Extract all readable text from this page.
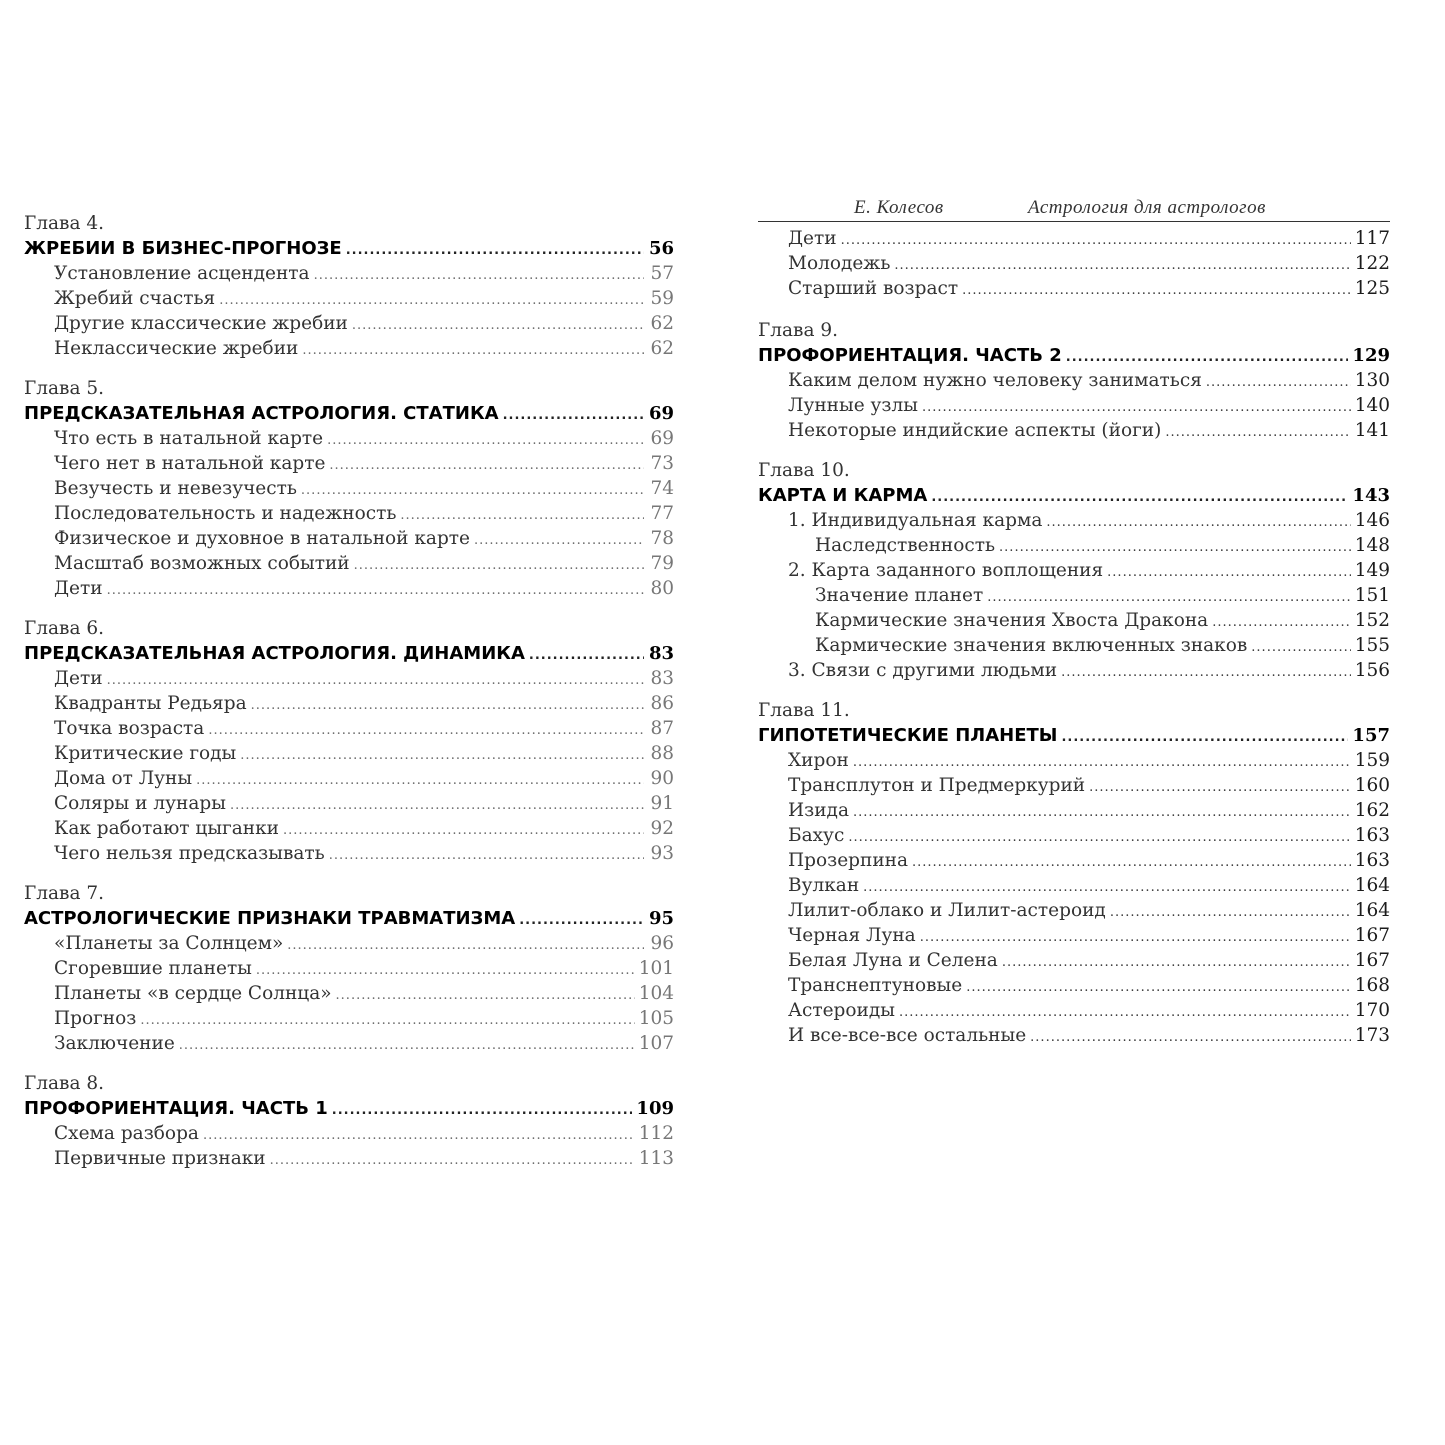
Глава 4.
ЖРЕБИИ В БИЗНЕС-ПРОГНОЗЕ .....	56
Установление асцендента .....	57
Жребий счастья .....	59
Другие классические жребии .....	62
Неклассические жребии .....	62
Глава 5.
ПРЕДСКАЗАТЕЛЬНАЯ АСТРОЛОГИЯ. СТАТИКА .....	69
Что есть в натальной карте .....	69
Чего нет в натальной карте .....	73
Везучесть и невезучесть .....	74
Последовательность и надежность .....	77
Физическое и духовное в натальной карте .....	78
Масштаб возможных событий .....	79
Дети .....	80
Глава 6.
ПРЕДСКАЗАТЕЛЬНАЯ АСТРОЛОГИЯ. ДИНАМИКА .....	83
Дети .....	83
Квадранты Редьяра .....	86
Точка возраста .....	87
Критические годы .....	88
Дома от Луны .....	90
Соляры и лунары .....	91
Как работают цыганки .....	92
Чего нельзя предсказывать .....	93
Глава 7.
АСТРОЛОГИЧЕСКИЕ ПРИЗНАКИ ТРАВМАТИЗМА .....	95
«Планеты за Солнцем» .....	96
Сгоревшие планеты .....	101
Планеты «в сердце Солнца» .....	104
Прогноз .....	105
Заключение .....	107
Глава 8.
ПРОФОРИЕНТАЦИЯ. ЧАСТЬ 1 .....	109
Схема разбора .....	112
Первичные признаки .....	113
Е. Колесов	Астрология для астрологов
Дети .....	117
Молодежь .....	122
Старший возраст .....	125
Глава 9.
ПРОФОРИЕНТАЦИЯ. ЧАСТЬ 2 .....	129
Каким делом нужно человеку заниматься .....	130
Лунные узлы .....	140
Некоторые индийские аспекты (йоги) .....	141
Глава 10.
КАРТА И КАРМА .....	143
1. Индивидуальная карма .....	146
Наследственность .....	148
2. Карта заданного воплощения .....	149
Значение планет .....	151
Кармические значения Хвоста Дракона .....	152
Кармические значения включенных знаков .....	155
3. Связи с другими людьми .....	156
Глава 11.
ГИПОТЕТИЧЕСКИЕ ПЛАНЕТЫ .....	157
Хирон .....	159
Трансплутон и Предмеркурий .....	160
Изида .....	162
Бахус .....	163
Прозерпина .....	163
Вулкан .....	164
Лилит-облако и Лилит-астероид .....	164
Черная Луна .....	167
Белая Луна и Селена .....	167
Транснептуновые .....	168
Астероиды .....	170
И все-все-все остальные .....	173
